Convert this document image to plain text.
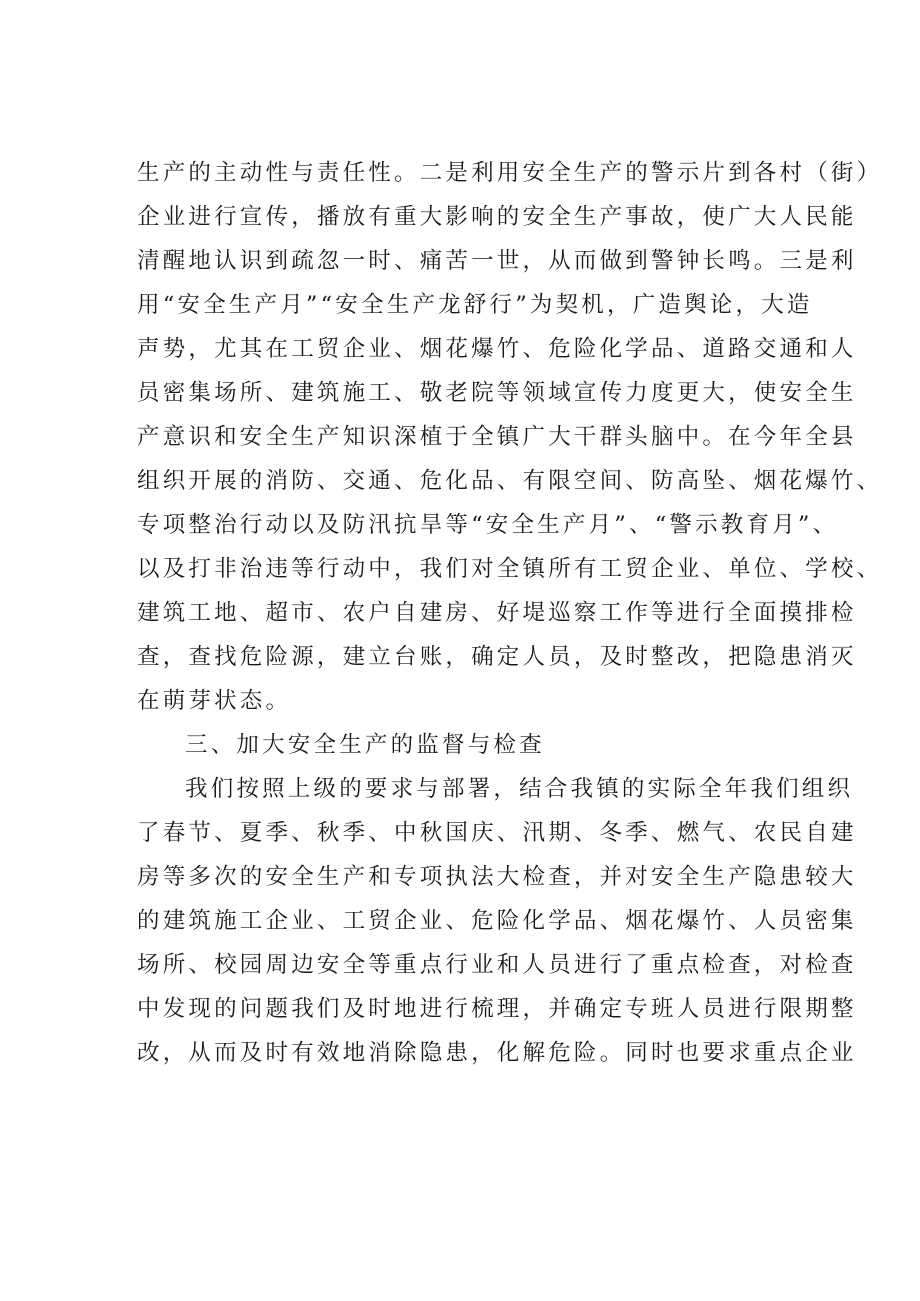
生产的主动性与责任性。二是利用安全生产的警示片到各村（街）
企业进行宣传，播放有重大影响的安全生产事故，使广大人民能
清醒地认识到疏忽一时、痛苦一世，从而做到警钟长鸣。三是利
用“安全生产月”“安全生产龙舒行”为契机，广造舆论，大造
声势，尤其在工贸企业、烟花爆竹、危险化学品、道路交通和人
员密集场所、建筑施工、敬老院等领域宣传力度更大，使安全生
产意识和安全生产知识深植于全镇广大干群头脑中。在今年全县
组织开展的消防、交通、危化品、有限空间、防高坠、烟花爆竹、
专项整治行动以及防汛抗旱等“安全生产月”、“警示教育月”、
以及打非治违等行动中，我们对全镇所有工贸企业、单位、学校、
建筑工地、超市、农户自建房、好堤巡察工作等进行全面摸排检
查，查找危险源，建立台账，确定人员，及时整改，把隐患消灭
在萌芽状态。
三、加大安全生产的监督与检查
我们按照上级的要求与部署，结合我镇的实际全年我们组织
了春节、夏季、秋季、中秋国庆、汛期、冬季、燃气、农民自建
房等多次的安全生产和专项执法大检查，并对安全生产隐患较大
的建筑施工企业、工贸企业、危险化学品、烟花爆竹、人员密集
场所、校园周边安全等重点行业和人员进行了重点检查，对检查
中发现的问题我们及时地进行梳理，并确定专班人员进行限期整
改，从而及时有效地消除隐患，化解危险。同时也要求重点企业
